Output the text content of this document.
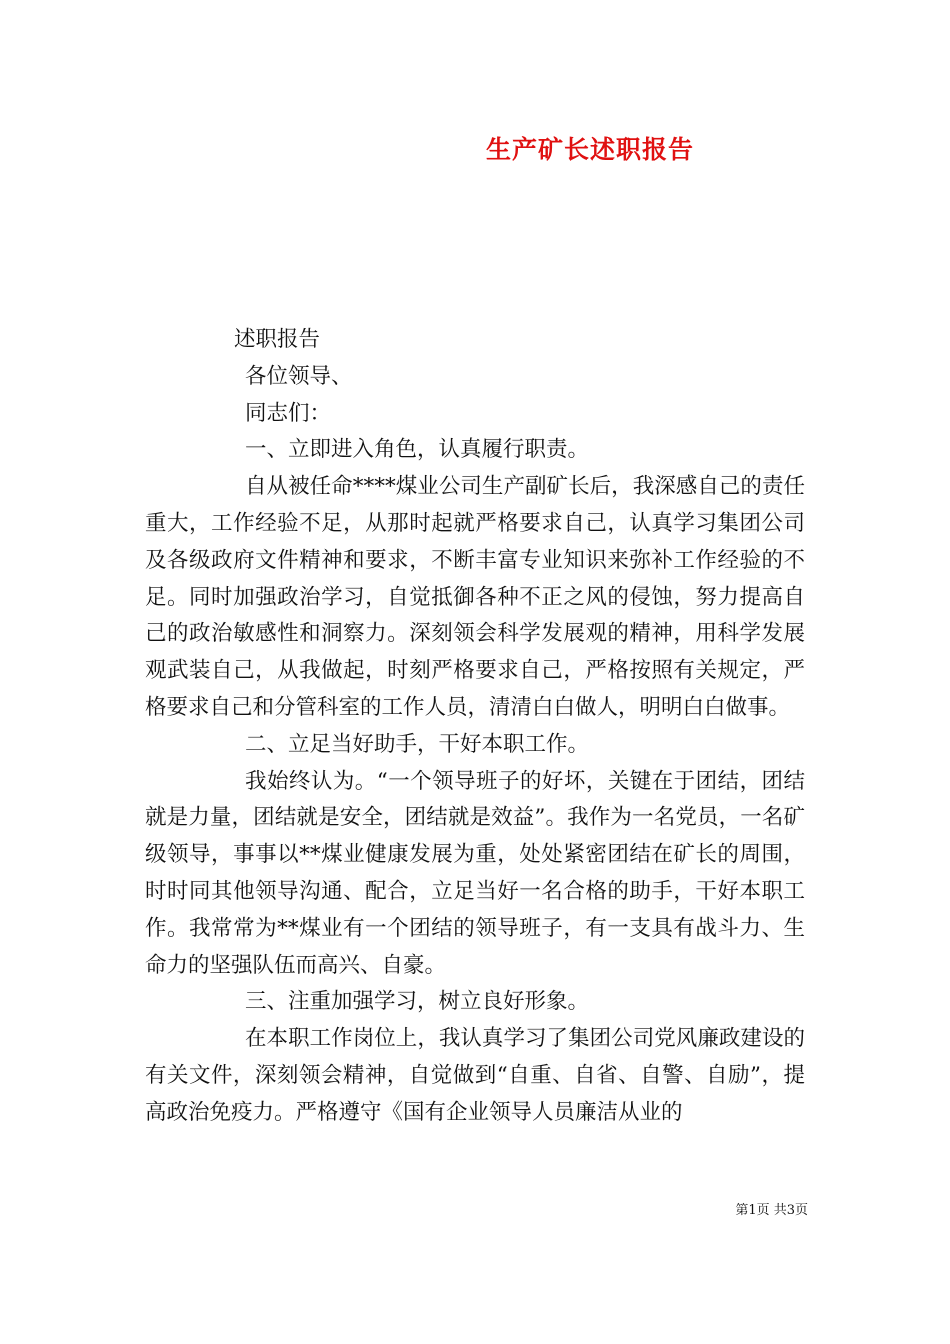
生产矿长述职报告

述职报告

各位领导、

同志们：

一、立即进入角色，认真履行职责。

自从被任命****煤业公司生产副矿长后，我深感自己的责任重大，工作经验不足，从那时起就严格要求自己，认真学习集团公司及各级政府文件精神和要求，不断丰富专业知识来弥补工作经验的不足。同时加强政治学习，自觉抵御各种不正之风的侵蚀，努力提高自己的政治敏感性和洞察力。深刻领会科学发展观的精神，用科学发展观武装自己，从我做起，时刻严格要求自己，严格按照有关规定，严格要求自己和分管科室的工作人员，清清白白做人，明明白白做事。

二、立足当好助手，干好本职工作。

我始终认为。“一个领导班子的好坏，关键在于团结，团结就是力量，团结就是安全，团结就是效益”。我作为一名党员，一名矿级领导，事事以**煤业健康发展为重，处处紧密团结在矿长的周围，时时同其他领导沟通、配合，立足当好一名合格的助手，干好本职工作。我常常为**煤业有一个团结的领导班子，有一支具有战斗力、生命力的坚强队伍而高兴、自豪。

三、注重加强学习，树立良好形象。

在本职工作岗位上，我认真学习了集团公司党风廉政建设的有关文件，深刻领会精神，自觉做到“自重、自省、自警、自励”，提高政治免疫力。严格遵守《国有企业领导人员廉洁从业的

第1页 共3页
